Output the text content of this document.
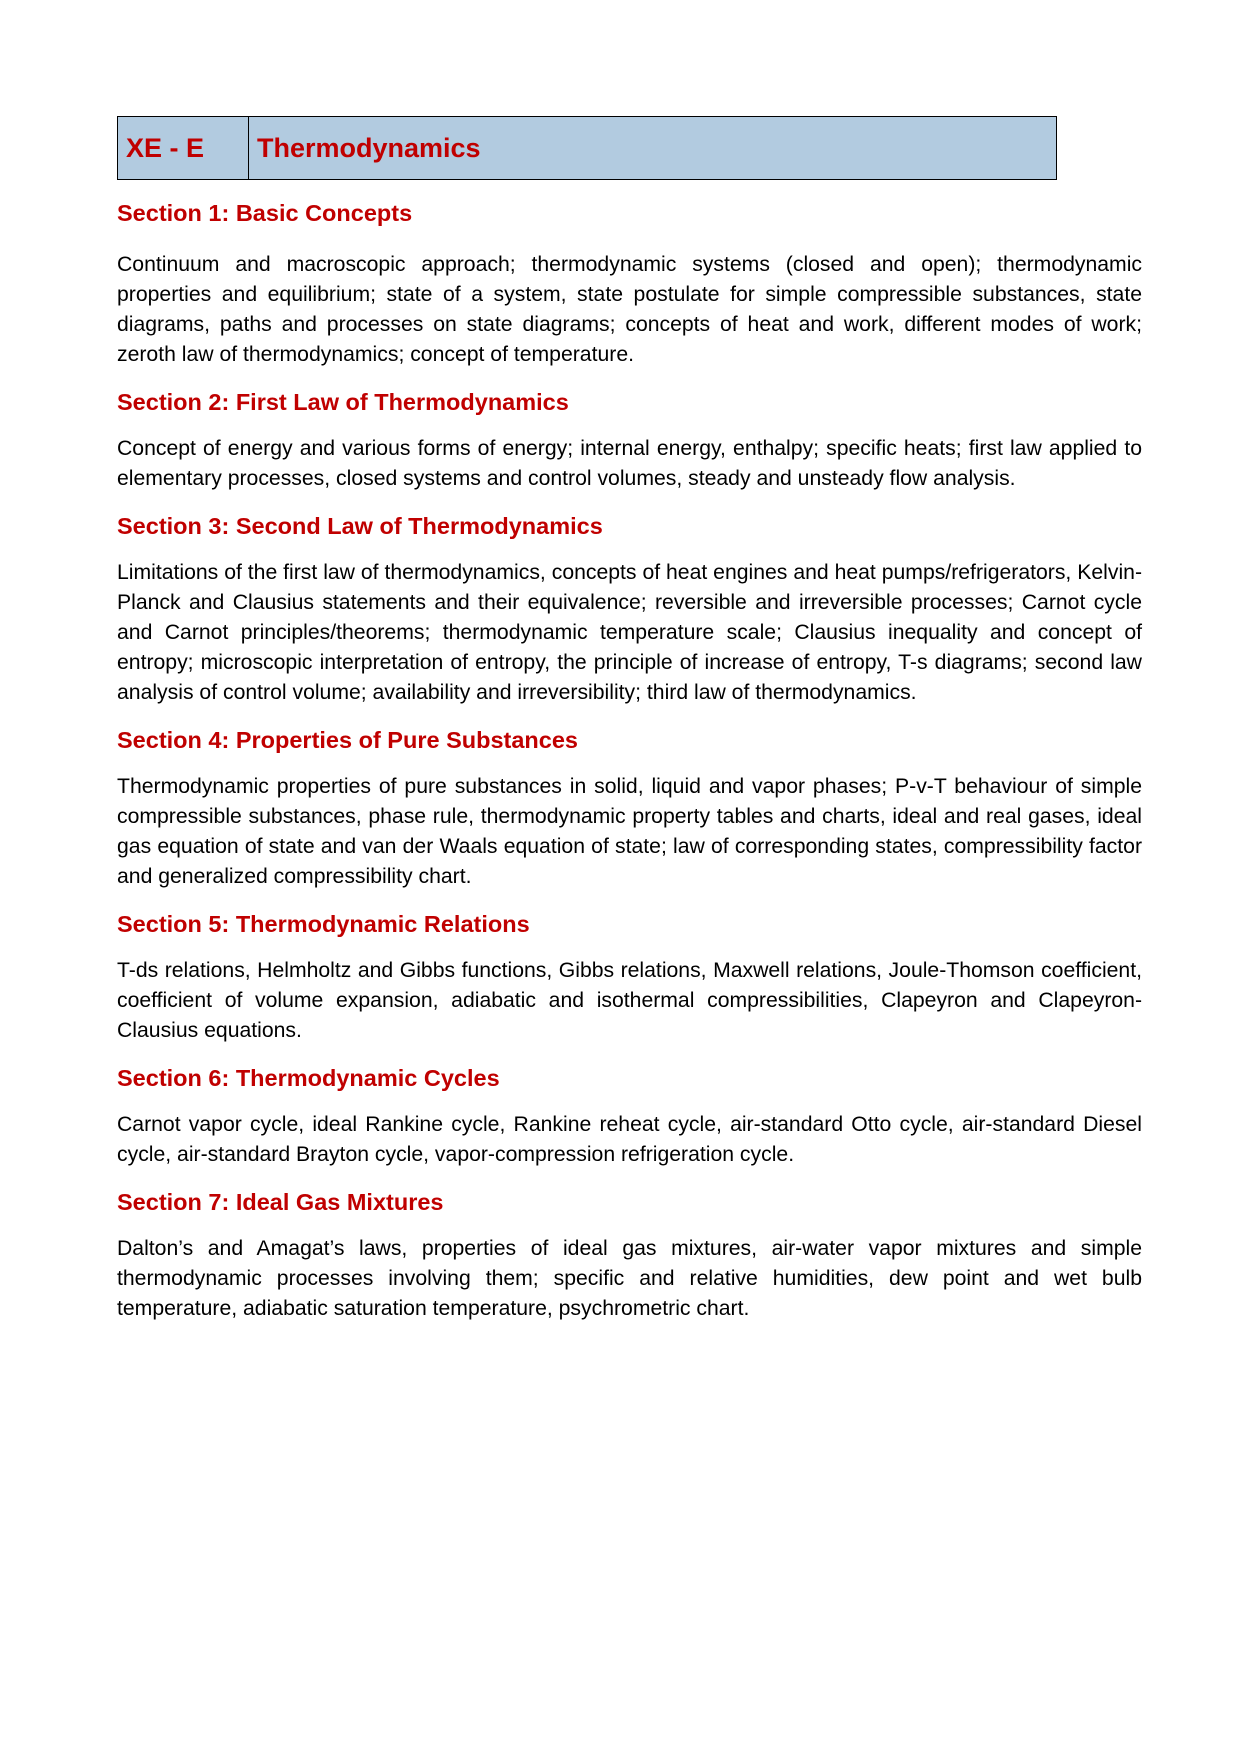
XE - E	Thermodynamics
Section 1: Basic Concepts

Continuum and macroscopic approach; thermodynamic systems (closed and open); thermodynamic properties and equilibrium; state of a system, state postulate for simple compressible substances, state diagrams, paths and processes on state diagrams; concepts of heat and work, different modes of work; zeroth law of thermodynamics; concept of temperature.

Section 2: First Law of Thermodynamics

Concept of energy and various forms of energy; internal energy, enthalpy; specific heats; first law applied to elementary processes, closed systems and control volumes, steady and unsteady flow analysis.

Section 3: Second Law of Thermodynamics

Limitations of the first law of thermodynamics, concepts of heat engines and heat pumps/refrigerators, Kelvin-Planck and Clausius statements and their equivalence; reversible and irreversible processes; Carnot cycle and Carnot principles/theorems; thermodynamic temperature scale; Clausius inequality and concept of entropy; microscopic interpretation of entropy, the principle of increase of entropy, T-s diagrams; second law analysis of control volume; availability and irreversibility; third law of thermodynamics.

Section 4: Properties of Pure Substances

Thermodynamic properties of pure substances in solid, liquid and vapor phases; P-v-T behaviour of simple compressible substances, phase rule, thermodynamic property tables and charts, ideal and real gases, ideal gas equation of state and van der Waals equation of state; law of corresponding states, compressibility factor and generalized compressibility chart.

Section 5: Thermodynamic Relations

T-ds relations, Helmholtz and Gibbs functions, Gibbs relations, Maxwell relations, Joule-Thomson coefficient, coefficient of volume expansion, adiabatic and isothermal compressibilities, Clapeyron and Clapeyron-Clausius equations.

Section 6: Thermodynamic Cycles

Carnot vapor cycle, ideal Rankine cycle, Rankine reheat cycle, air-standard Otto cycle, air-standard Diesel cycle, air-standard Brayton cycle, vapor-compression refrigeration cycle.

Section 7: Ideal Gas Mixtures

Dalton’s and Amagat’s laws, properties of ideal gas mixtures, air-water vapor mixtures and simple thermodynamic processes involving them; specific and relative humidities, dew point and wet bulb temperature, adiabatic saturation temperature, psychrometric chart.
